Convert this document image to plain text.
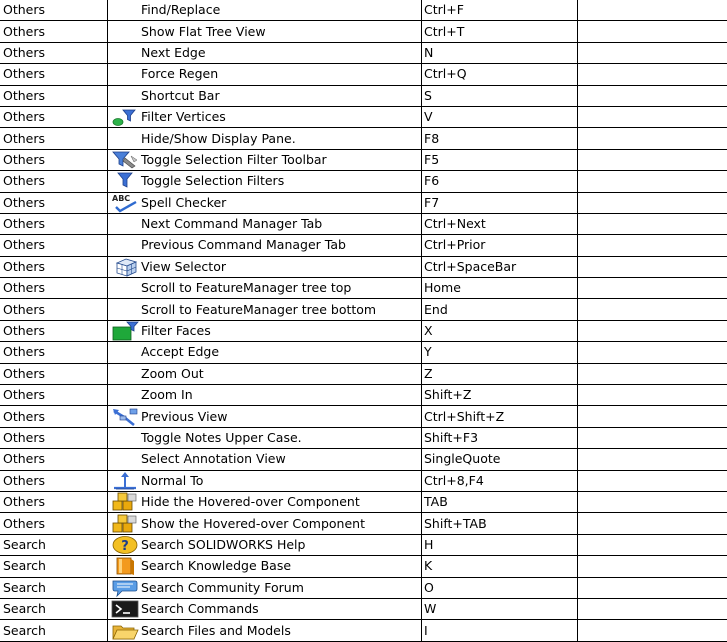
Others	Find/Replace	Ctrl+F	
Others	Show Flat Tree View	Ctrl+T	
Others	Next Edge	N	
Others	Force Regen	Ctrl+Q	
Others	Shortcut Bar	S	
Others	Filter Vertices	V	
Others	Hide/Show Display Pane.	F8	
Others	Toggle Selection Filter Toolbar	F5	
Others	Toggle Selection Filters	F6	
Others	ABC Spell Checker	F7	
Others	Next Command Manager Tab	Ctrl+Next	
Others	Previous Command Manager Tab	Ctrl+Prior	
Others	View Selector	Ctrl+SpaceBar	
Others	Scroll to FeatureManager tree top	Home	
Others	Scroll to FeatureManager tree bottom	End	
Others	Filter Faces	X	
Others	Accept Edge	Y	
Others	Zoom Out	Z	
Others	Zoom In	Shift+Z	
Others	Previous View	Ctrl+Shift+Z	
Others	Toggle Notes Upper Case.	Shift+F3	
Others	Select Annotation View	SingleQuote	
Others	Normal To	Ctrl+8,F4	
Others	Hide the Hovered-over Component	TAB	
Others	Show the Hovered-over Component	Shift+TAB	
Search	? Search SOLIDWORKS Help	H	
Search	Search Knowledge Base	K	
Search	Search Community Forum	O	
Search	Search Commands	W	
Search	Search Files and Models	I	
